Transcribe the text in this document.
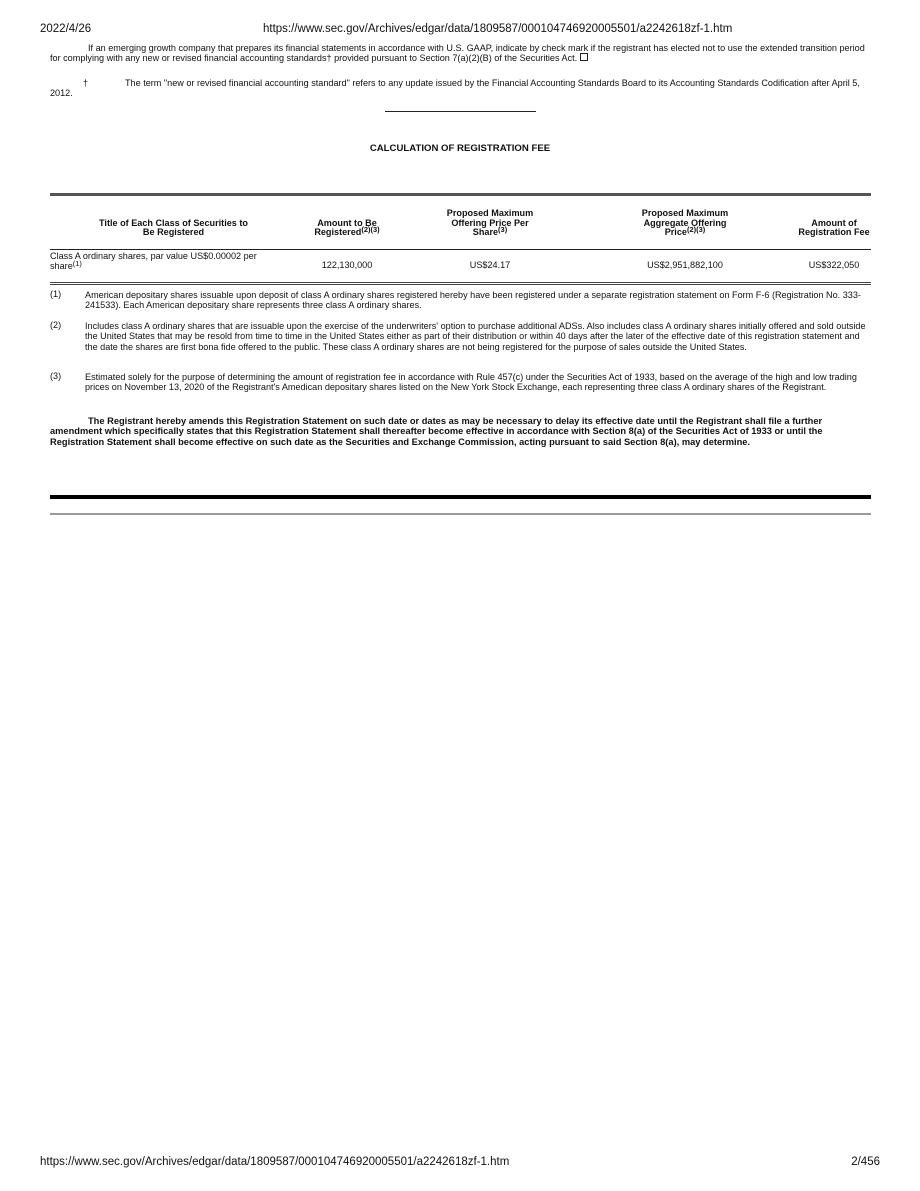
2022/4/26	https://www.sec.gov/Archives/edgar/data/1809587/000104746920005501/a2242618zf-1.htm
If an emerging growth company that prepares its financial statements in accordance with U.S. GAAP, indicate by check mark if the registrant has elected not to use the extended transition period for complying with any new or revised financial accounting standards† provided pursuant to Section 7(a)(2)(B) of the Securities Act.
†	The term "new or revised financial accounting standard" refers to any update issued by the Financial Accounting Standards Board to its Accounting Standards Codification after April 5, 2012.
CALCULATION OF REGISTRATION FEE
Title of Each Class of Securities to Be Registered	Amount to Be Registered$^{(2)(3)}$	Proposed Maximum Offering Price Per Share$^{(3)}$	Proposed Maximum Aggregate Offering Price$^{(2)(3)}$	Amount of Registration Fee
Class A ordinary shares, par value US$0.00002 per share$^{(1)}$	122,130,000	US$24.17	US$2,951,882,100	US$322,050
(1)	American depositary shares issuable upon deposit of class A ordinary shares registered hereby have been registered under a separate registration statement on Form F-6 (Registration No. 333-241533). Each American depositary share represents three class A ordinary shares.
(2)	Includes class A ordinary shares that are issuable upon the exercise of the underwriters' option to purchase additional ADSs. Also includes class A ordinary shares initially offered and sold outside the United States that may be resold from time to time in the United States either as part of their distribution or within 40 days after the later of the effective date of this registration statement and the date the shares are first bona fide offered to the public. These class A ordinary shares are not being registered for the purpose of sales outside the United States.
(3)	Estimated solely for the purpose of determining the amount of registration fee in accordance with Rule 457(c) under the Securities Act of 1933, based on the average of the high and low trading prices on November 13, 2020 of the Registrant's Amedican depositary shares listed on the New York Stock Exchange, each representing three class A ordinary shares of the Registrant.
The Registrant hereby amends this Registration Statement on such date or dates as may be necessary to delay its effective date until the Registrant shall file a further amendment which specifically states that this Registration Statement shall thereafter become effective in accordance with Section 8(a) of the Securities Act of 1933 or until the Registration Statement shall become effective on such date as the Securities and Exchange Commission, acting pursuant to said Section 8(a), may determine.
https://www.sec.gov/Archives/edgar/data/1809587/000104746920005501/a2242618zf-1.htm	2/456
